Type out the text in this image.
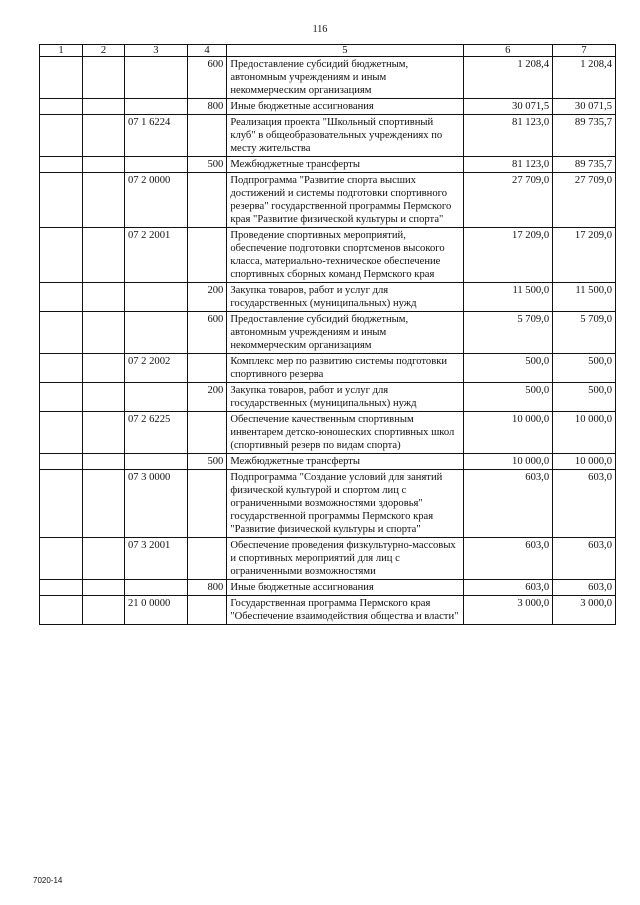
116
1	2	3	4	5	6	7
			600	Предоставление субсидий бюджетным, автономным учреждениям и иным некоммерческим организациям	1 208,4	1 208,4
			800	Иные бюджетные ассигнования	30 071,5	30 071,5
		07 1 6224		Реализация проекта "Школьный спортивный клуб" в общеобразовательных учреждениях по месту жительства	81 123,0	89 735,7
			500	Межбюджетные трансферты	81 123,0	89 735,7
		07 2 0000		Подпрограмма "Развитие спорта высших достижений и системы подготовки спортивного резерва" государственной программы Пермского края "Развитие физической культуры и спорта"	27 709,0	27 709,0
		07 2 2001		Проведение спортивных мероприятий, обеспечение подготовки спортсменов высокого класса, материально-техническое обеспечение спортивных сборных команд Пермского края	17 209,0	17 209,0
			200	Закупка товаров, работ и услуг для государственных (муниципальных) нужд	11 500,0	11 500,0
			600	Предоставление субсидий бюджетным, автономным учреждениям и иным некоммерческим организациям	5 709,0	5 709,0
		07 2 2002		Комплекс мер по развитию системы подготовки спортивного резерва	500,0	500,0
			200	Закупка товаров, работ и услуг для государственных (муниципальных) нужд	500,0	500,0
		07 2 6225		Обеспечение качественным спортивным инвентарем детско-юношеских спортивных школ (спортивный резерв по видам спорта)	10 000,0	10 000,0
			500	Межбюджетные трансферты	10 000,0	10 000,0
		07 3 0000		Подпрограмма "Создание условий для занятий физической культурой и спортом лиц с ограниченными возможностями здоровья" государственной программы Пермского края "Развитие физической культуры и спорта"	603,0	603,0
		07 3 2001		Обеспечение проведения физкультурно-массовых и спортивных мероприятий для лиц с ограниченными возможностями	603,0	603,0
			800	Иные бюджетные ассигнования	603,0	603,0
		21 0 0000		Государственная программа Пермского края "Обеспечение взаимодействия общества и власти"	3 000,0	3 000,0
7020-14
